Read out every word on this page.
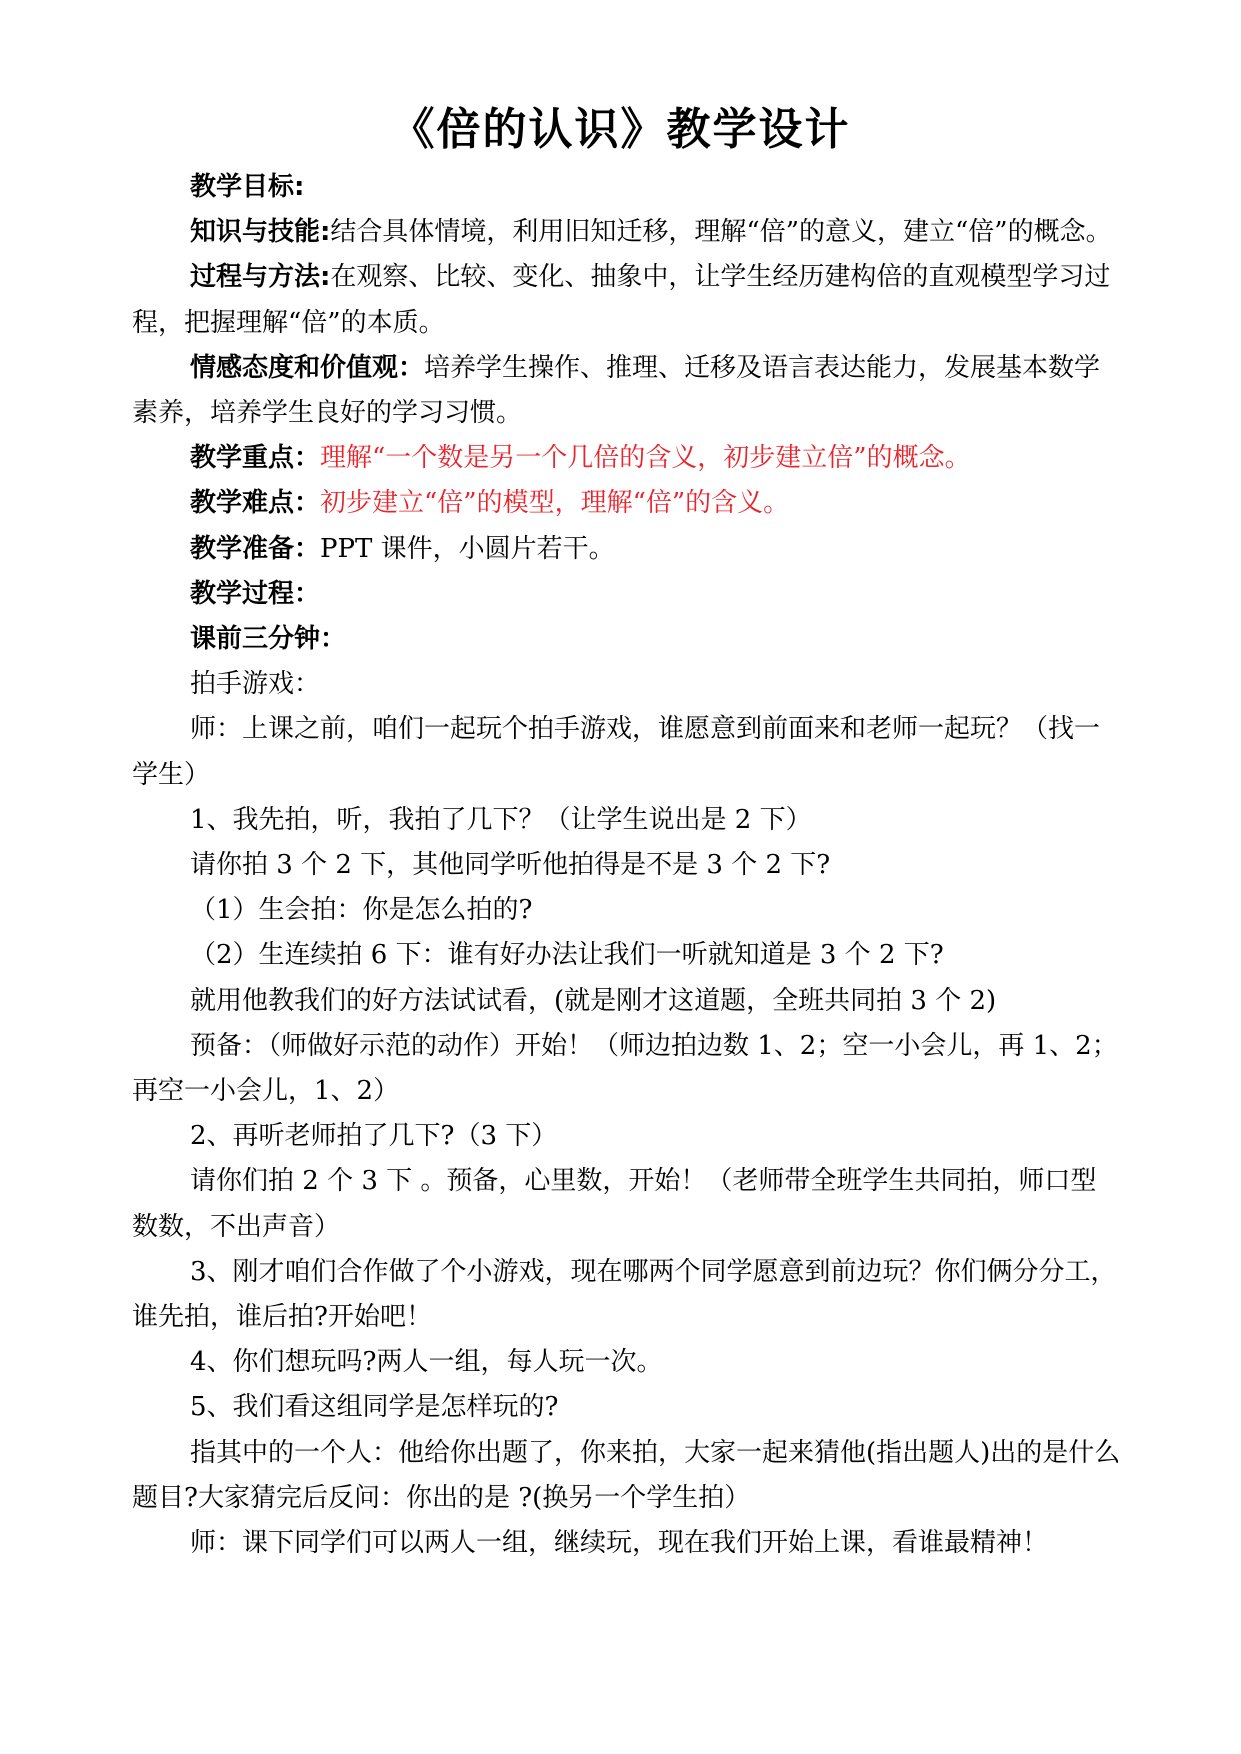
《倍的认识》教学设计

教学目标:

知识与技能:结合具体情境，利用旧知迁移，理解“倍”的意义，建立“倍”的概念。

过程与方法:在观察、比较、变化、抽象中，让学生经历建构倍的直观模型学习过程，把握理解“倍”的本质。

情感态度和价值观：培养学生操作、推理、迁移及语言表达能力，发展基本数学素养，培养学生良好的学习习惯。

教学重点：理解“一个数是另一个几倍的含义，初步建立倍”的概念。

教学难点：初步建立“倍”的模型，理解“倍”的含义。

教学准备：PPT 课件，小圆片若干。

教学过程：

课前三分钟：

拍手游戏：

师：上课之前，咱们一起玩个拍手游戏，谁愿意到前面来和老师一起玩？（找一学生）

1、我先拍，听，我拍了几下？（让学生说出是 2 下）

请你拍 3 个 2 下，其他同学听他拍得是不是 3 个 2 下?

（1）生会拍：你是怎么拍的?

（2）生连续拍 6 下：谁有好办法让我们一听就知道是 3 个 2 下?

就用他教我们的好方法试试看，(就是刚才这道题，全班共同拍 3 个 2)

预备：（师做好示范的动作）开始！（师边拍边数 1、2；空一小会儿，再 1、2；再空一小会儿，1、2）

2、再听老师拍了几下?（3 下）

请你们拍 2 个 3 下 。预备，心里数，开始！（老师带全班学生共同拍，师口型数数，不出声音）

3、刚才咱们合作做了个小游戏，现在哪两个同学愿意到前边玩？你们俩分分工，谁先拍，谁后拍?开始吧！

4、你们想玩吗?两人一组，每人玩一次。

5、我们看这组同学是怎样玩的?

指其中的一个人：他给你出题了，你来拍，大家一起来猜他(指出题人)出的是什么题目?大家猜完后反问：你出的是 ?(换另一个学生拍）

师：课下同学们可以两人一组，继续玩，现在我们开始上课，看谁最精神！
